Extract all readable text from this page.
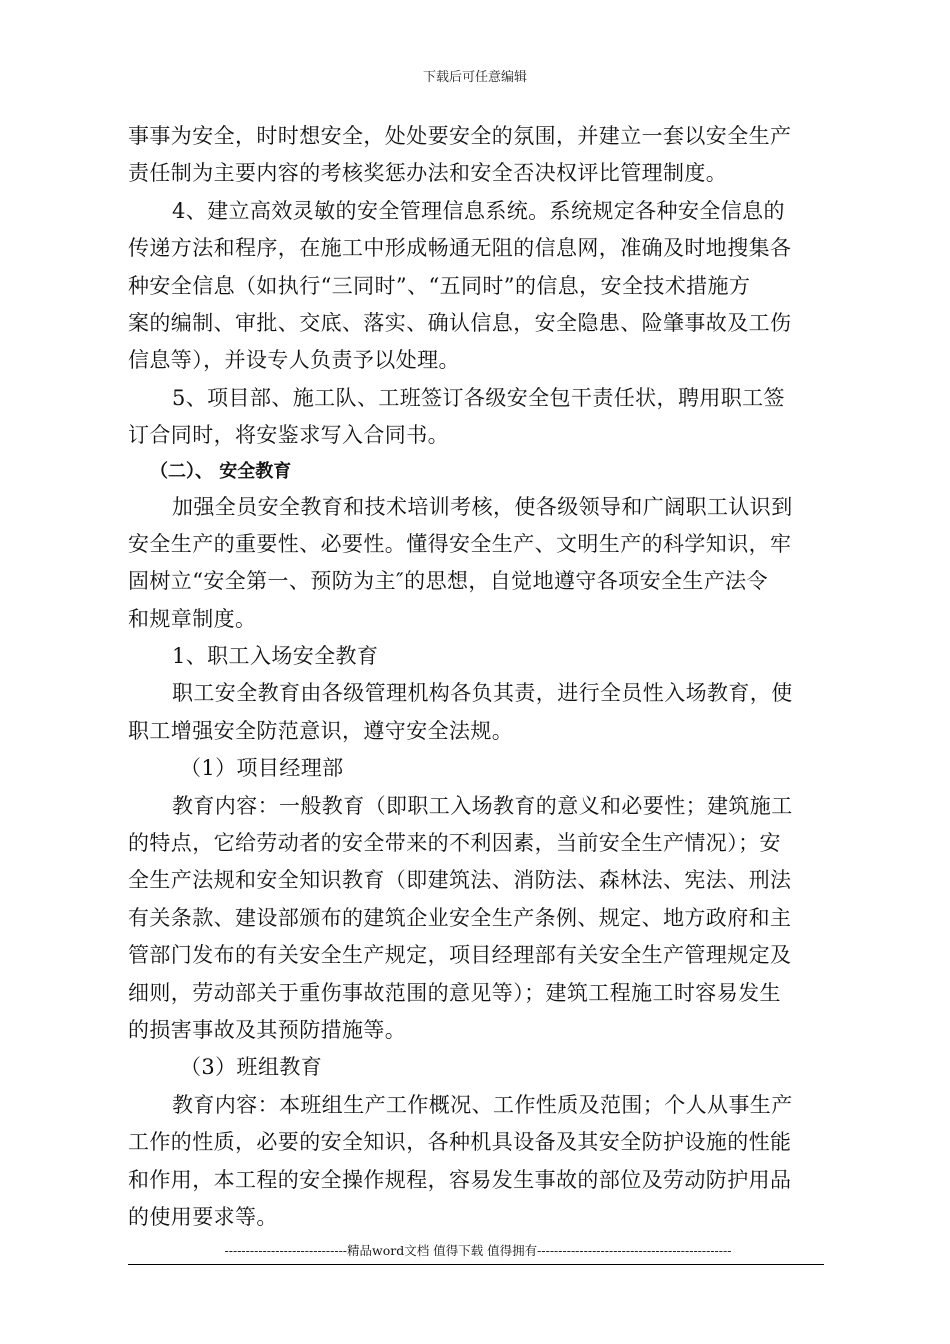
下载后可任意编辑
事事为安全，时时想安全，处处要安全的氛围，并建立一套以安全生产
责任制为主要内容的考核奖惩办法和安全否决权评比管理制度。
4、建立高效灵敏的安全管理信息系统。系统规定各种安全信息的
传递方法和程序，在施工中形成畅通无阻的信息网，准确及时地搜集各
种安全信息（如执行“三同时”、“五同时”的信息，安全技术措施方
案的编制、审批、交底、落实、确认信息，安全隐患、险肇事故及工伤
信息等），并设专人负责予以处理。
5、项目部、施工队、工班签订各级安全包干责任状，聘用职工签
订合同时，将安鉴求写入合同书。
（二）、 安全教育
加强全员安全教育和技术培训考核，使各级领导和广阔职工认识到
安全生产的重要性、必要性。懂得安全生产、文明生产的科学知识，牢
固树立“安全第一、预防为主″的思想，自觉地遵守各项安全生产法令
和规章制度。
1、职工入场安全教育
职工安全教育由各级管理机构各负其责，进行全员性入场教育，使
职工增强安全防范意识，遵守安全法规。
（1）项目经理部
教育内容：一般教育（即职工入场教育的意义和必要性；建筑施工
的特点，它给劳动者的安全带来的不利因素，当前安全生产情况）；安
全生产法规和安全知识教育（即建筑法、消防法、森林法、宪法、刑法
有关条款、建设部颁布的建筑企业安全生产条例、规定、地方政府和主
管部门发布的有关安全生产规定，项目经理部有关安全生产管理规定及
细则，劳动部关于重伤事故范围的意见等）；建筑工程施工时容易发生
的损害事故及其预防措施等。
（3）班组教育
教育内容：本班组生产工作概况、工作性质及范围；个人从事生产
工作的性质，必要的安全知识，各种机具设备及其安全防护设施的性能
和作用，本工程的安全操作规程，容易发生事故的部位及劳动防护用品
的使用要求等。
-----------------------------精品word文档 值得下载 值得拥有----------------------------------------------
